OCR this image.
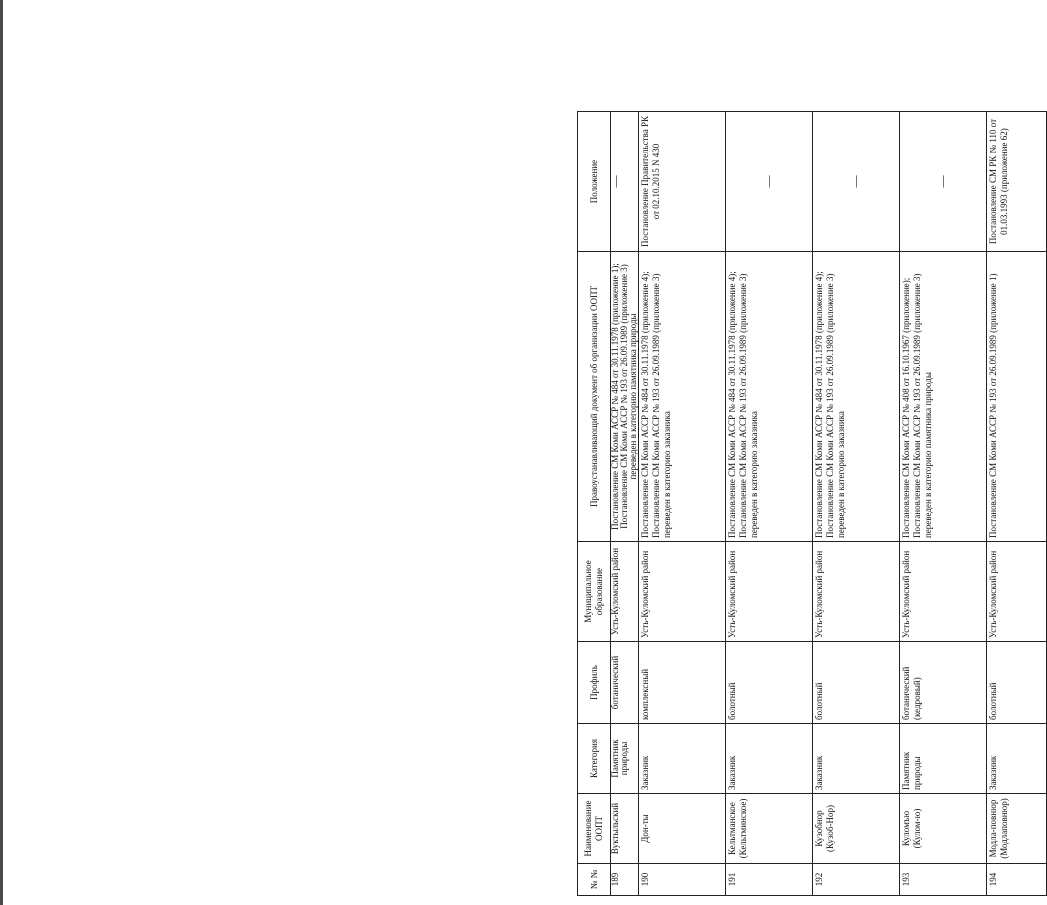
№ №	Наименование ООПТ	Категория	Профиль	Муниципальное образование	Правоустанавливающий документ об организации ООПТ	Положение
189	Вуктыльский	Памятник природы	ботанический	Усть-Куломский район	Постановление СМ Коми АССР № 484 от 30.11.1978 (приложение 1); Постановление СМ Коми АССР № 193 от 26.09.1989 (приложение 3) переведен в категорию памятника природы	—
190	Дон-ты	Заказник	комплексный	Усть-Куломский район	Постановление СМ Коми АССР № 484 от 30.11.1978 (приложение 4); Постановление СМ Коми АССР № 193 от 26.09.1989 (приложение 3) переведен в категорию заказника	Постановление Правительства РК от 02.10.2015 N 430
191	Кельтманское (Кельтминское)	Заказник	болотный	Усть-Куломский район	Постановление СМ Коми АССР № 484 от 30.11.1978 (приложение 4); Постановление СМ Коми АССР № 193 от 26.09.1989 (приложение 3) переведен в категорию заказника	—
192	Кузобнор (Кузоб-Нор)	Заказник	болотный	Усть-Куломский район	Постановление СМ Коми АССР № 484 от 30.11.1978 (приложение 4); Постановление СМ Коми АССР № 193 от 26.09.1989 (приложение 3) переведен в категорию заказника	—
193	Куломъю (Кулом-ю)	Памятник природы	ботанический (кедровый)	Усть-Куломский район	Постановление СМ Коми АССР № 408 от 16.10.1967 (приложение); Постановление СМ Коми АССР № 193 от 26.09.1989 (приложение 3) переведен в категорию памятника природы	—
194	Модла-повнюр (Модлаповнюр)	Заказник	болотный	Усть-Куломский район	Постановление СМ Коми АССР № 193 от 26.09.1989 (приложение 1)	Постановление СМ РК № 110 от 01.03.1993 (приложение 62)
